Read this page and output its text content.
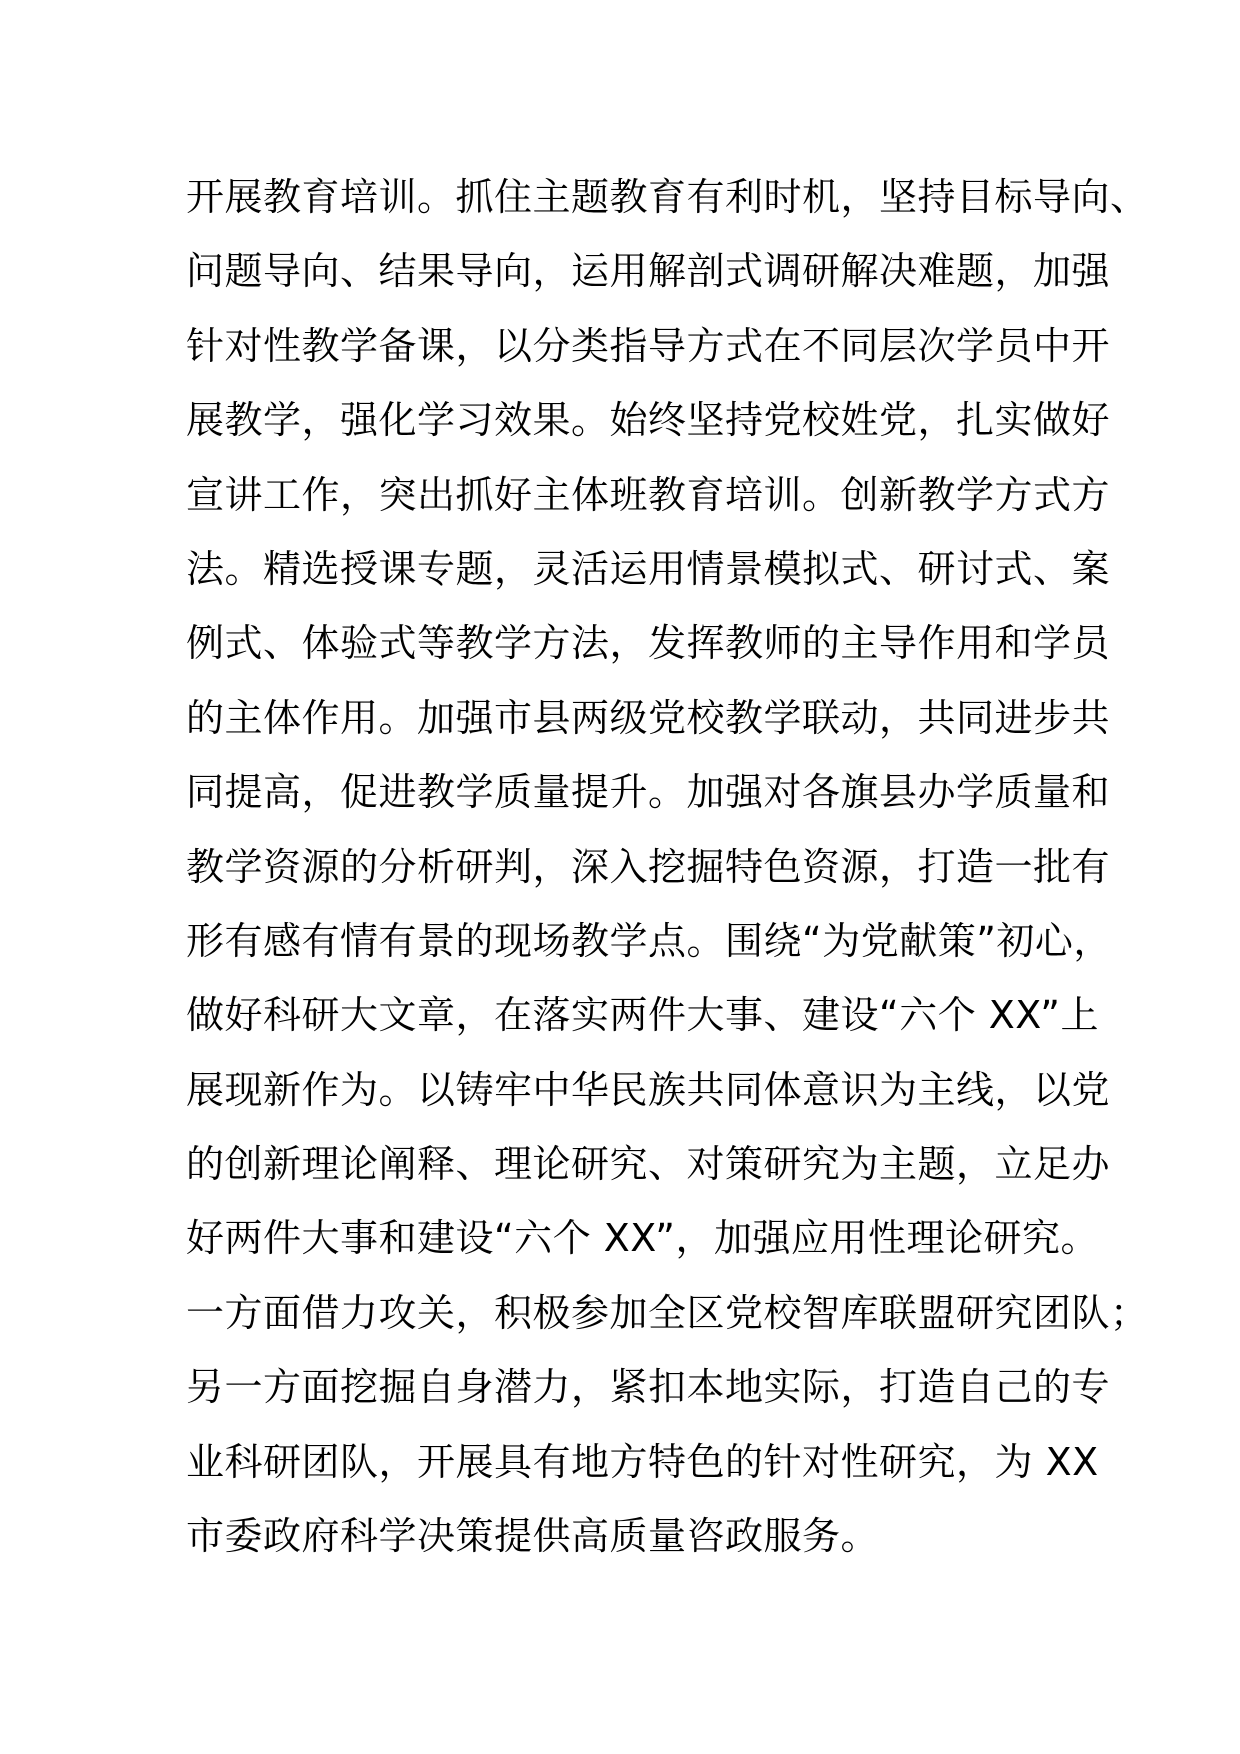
开展教育培训。抓住主题教育有利时机，坚持目标导向、
问题导向、结果导向，运用解剖式调研解决难题，加强
针对性教学备课，以分类指导方式在不同层次学员中开
展教学，强化学习效果。始终坚持党校姓党，扎实做好
宣讲工作，突出抓好主体班教育培训。创新教学方式方
法。精选授课专题，灵活运用情景模拟式、研讨式、案
例式、体验式等教学方法，发挥教师的主导作用和学员
的主体作用。加强市县两级党校教学联动，共同进步共
同提高，促进教学质量提升。加强对各旗县办学质量和
教学资源的分析研判，深入挖掘特色资源，打造一批有
形有感有情有景的现场教学点。围绕“为党献策”初心，
做好科研大文章，在落实两件大事、建设“六个 XX”上
展现新作为。以铸牢中华民族共同体意识为主线，以党
的创新理论阐释、理论研究、对策研究为主题，立足办
好两件大事和建设“六个 XX”，加强应用性理论研究。
一方面借力攻关，积极参加全区党校智库联盟研究团队；
另一方面挖掘自身潜力，紧扣本地实际，打造自己的专
业科研团队，开展具有地方特色的针对性研究，为 XX
市委政府科学决策提供高质量咨政服务。
